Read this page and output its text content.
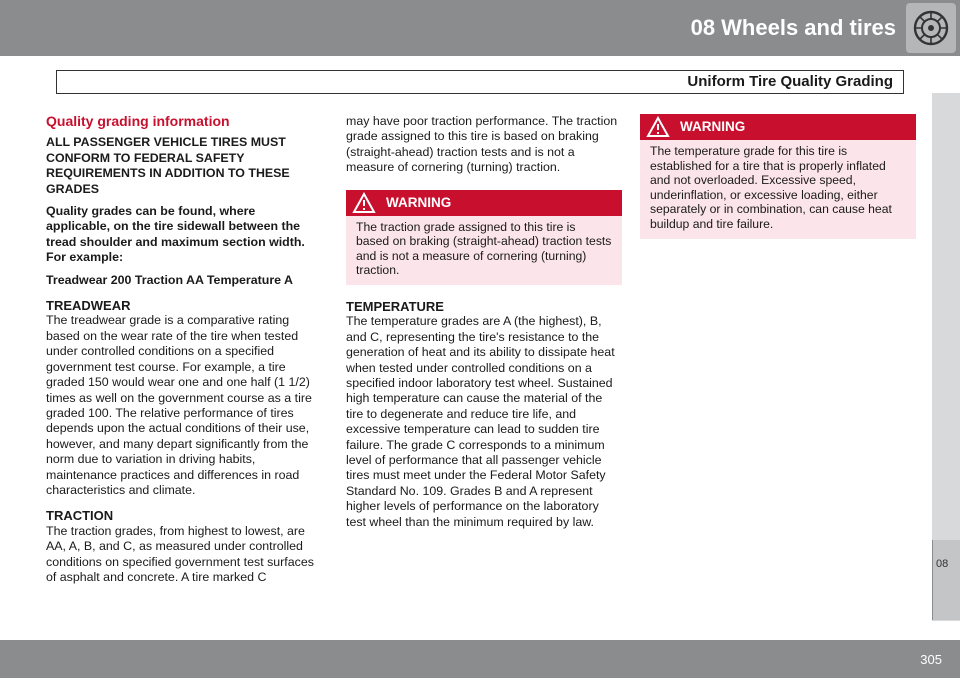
08 Wheels and tires
Uniform Tire Quality Grading
08
305
Quality grading information

ALL PASSENGER VEHICLE TIRES MUST CONFORM TO FEDERAL SAFETY REQUIREMENTS IN ADDITION TO THESE GRADES

Quality grades can be found, where applicable, on the tire sidewall between the tread shoulder and maximum section width. For example:

Treadwear 200 Traction AA Temperature A

TREADWEAR

The treadwear grade is a comparative rating based on the wear rate of the tire when tested under controlled conditions on a specified government test course. For example, a tire graded 150 would wear one and one half (1 1/2) times as well on the government course as a tire graded 100. The relative performance of tires depends upon the actual conditions of their use, however, and many depart significantly from the norm due to variation in driving habits, maintenance practices and differences in road characteristics and climate.

TRACTION

The traction grades, from highest to lowest, are AA, A, B, and C, as measured under controlled conditions on specified government test surfaces of asphalt and concrete. A tire marked C

may have poor traction performance. The traction grade assigned to this tire is based on braking (straight-ahead) traction tests and is not a measure of cornering (turning) traction.

WARNING
The traction grade assigned to this tire is based on braking (straight-ahead) traction tests and is not a measure of cornering (turning) traction.
TEMPERATURE

The temperature grades are A (the highest), B, and C, representing the tire's resistance to the generation of heat and its ability to dissipate heat when tested under controlled conditions on a specified indoor laboratory test wheel. Sustained high temperature can cause the material of the tire to degenerate and reduce tire life, and excessive temperature can lead to sudden tire failure. The grade C corresponds to a minimum level of performance that all passenger vehicle tires must meet under the Federal Motor Safety Standard No. 109. Grades B and A represent higher levels of performance on the laboratory test wheel than the minimum required by law.

WARNING
The temperature grade for this tire is established for a tire that is properly inflated and not overloaded. Excessive speed, underinflation, or excessive loading, either separately or in combination, can cause heat buildup and tire failure.
